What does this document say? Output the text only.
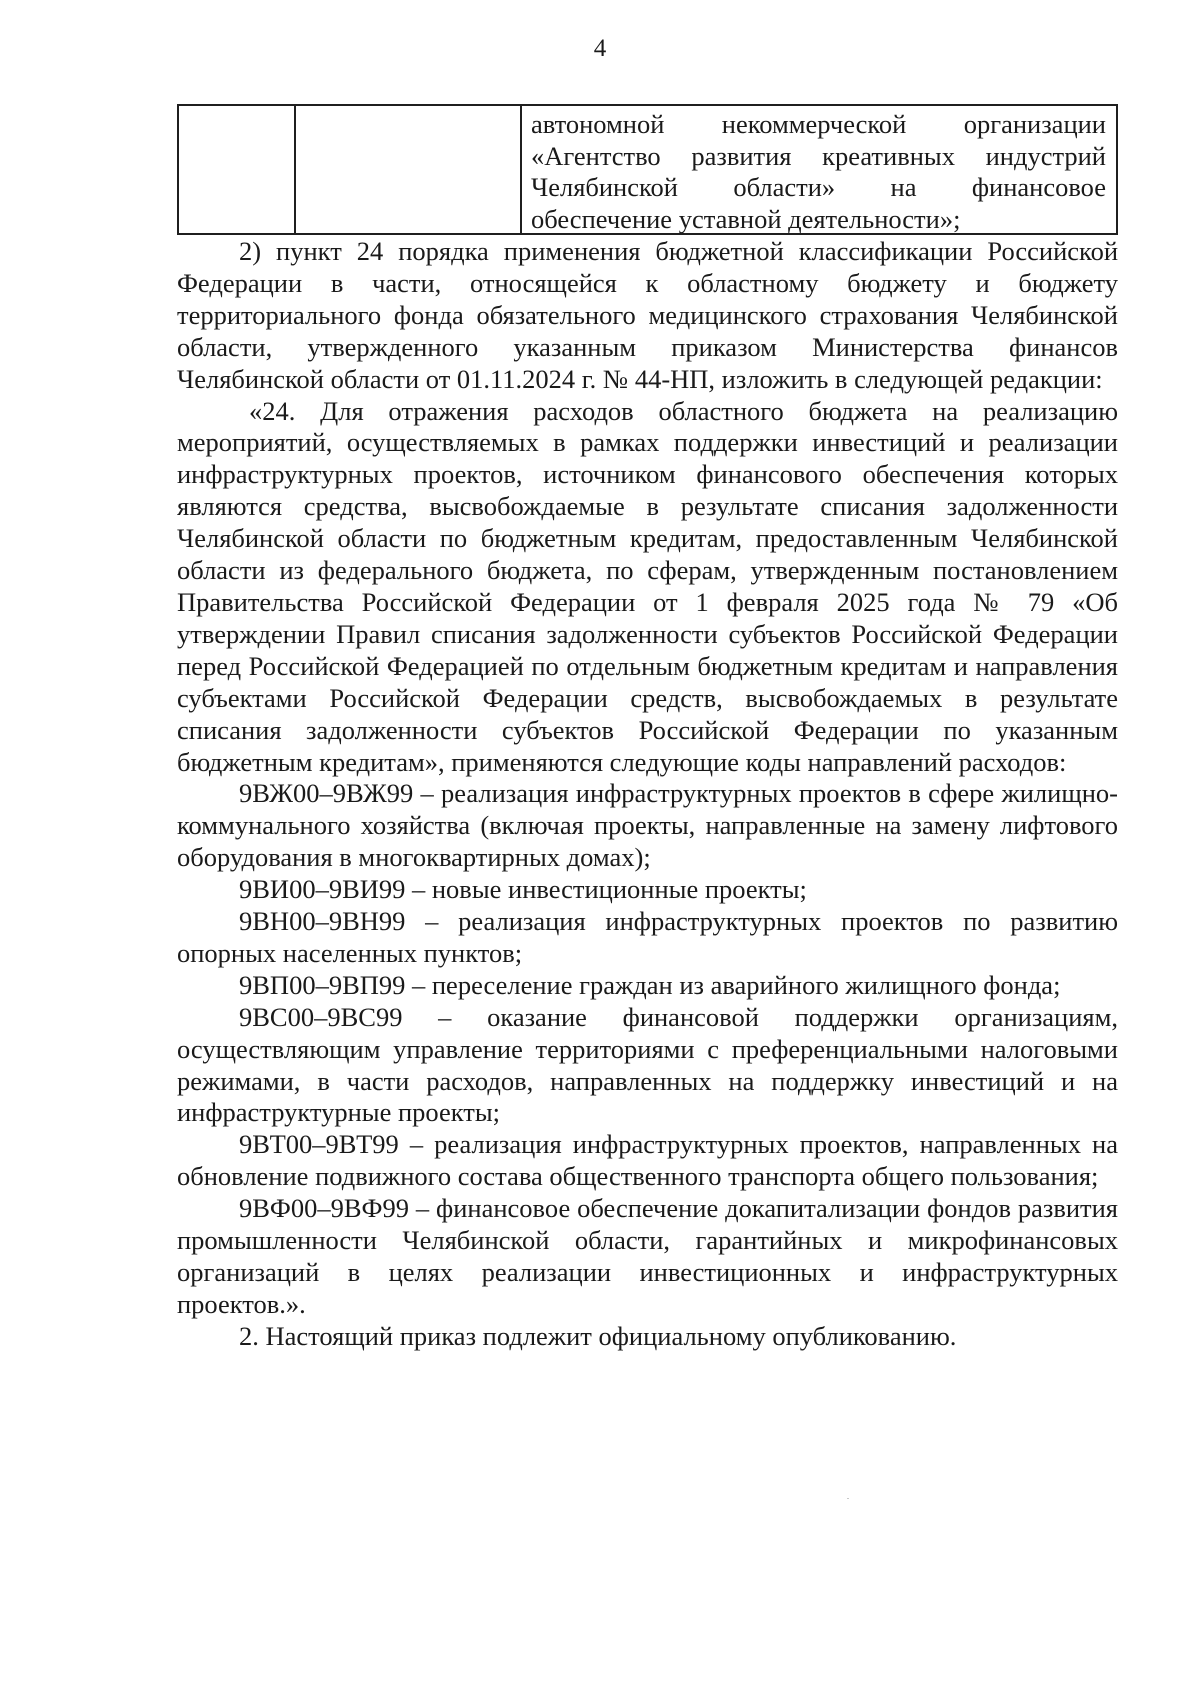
4
автономной некоммерческой организации «Агентство развития креативных индустрий Челябинской области» на финансовое обеспечение уставной деятельности»;

2) пункт 24 порядка применения бюджетной классификации Российской Федерации в части, относящейся к областному бюджету и бюджету территориального фонда обязательного медицинского страхования Челябинской области, утвержденного указанным приказом Министерства финансов Челябинской области от 01.11.2024 г. № 44-НП, изложить в следующей редакции:

«24. Для отражения расходов областного бюджета на реализацию мероприятий, осуществляемых в рамках поддержки инвестиций и реализации инфраструктурных проектов, источником финансового обеспечения которых являются средства, высвобождаемые в результате списания задолженности Челябинской области по бюджетным кредитам, предоставленным Челябинской области из федерального бюджета, по сферам, утвержденным постановлением Правительства Российской Федерации от 1 февраля 2025 года № 79 «Об утверждении Правил списания задолженности субъектов Российской Федерации перед Российской Федерацией по отдельным бюджетным кредитам и направления субъектами Российской Федерации средств, высвобождаемых в результате списания задолженности субъектов Российской Федерации по указанным бюджетным кредитам», применяются следующие коды направлений расходов:

9ВЖ00–9ВЖ99 – реализация инфраструктурных проектов в сфере жилищно-коммунального хозяйства (включая проекты, направленные на замену лифтового оборудования в многоквартирных домах);

9ВИ00–9ВИ99 – новые инвестиционные проекты;

9ВН00–9ВН99 – реализация инфраструктурных проектов по развитию опорных населенных пунктов;

9ВП00–9ВП99 – переселение граждан из аварийного жилищного фонда;

9ВС00–9ВС99 – оказание финансовой поддержки организациям, осуществляющим управление территориями с преференциальными налоговыми режимами, в части расходов, направленных на поддержку инвестиций и на инфраструктурные проекты;

9ВТ00–9ВТ99 – реализация инфраструктурных проектов, направленных на обновление подвижного состава общественного транспорта общего пользования;

9ВФ00–9ВФ99 – финансовое обеспечение докапитализации фондов развития промышленности Челябинской области, гарантийных и микрофинансовых организаций в целях реализации инвестиционных и инфраструктурных проектов.».

2. Настоящий приказ подлежит официальному опубликованию.
